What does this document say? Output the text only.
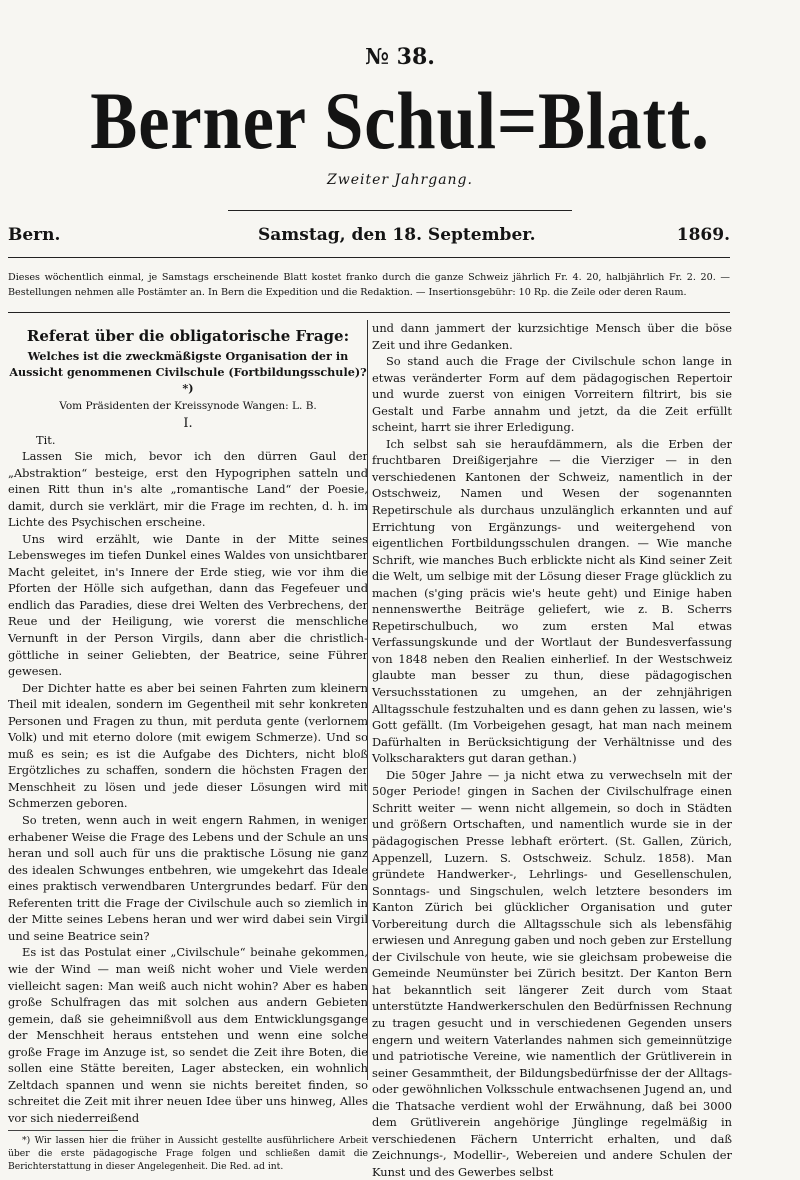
№ 38.
Berner Schul=Blatt.
Zweiter Jahrgang.
Bern.	Samstag, den 18. September.	1869.
Dieses wöchentlich einmal, je Samstags erscheinende Blatt kostet franko durch die ganze Schweiz jährlich Fr. 4. 20, halbjährlich Fr. 2. 20. — Bestellungen nehmen alle Postämter an. In Bern die Expedition und die Redaktion. — Insertionsgebühr: 10 Rp. die Zeile oder deren Raum.
Referat über die obligatorische Frage:
Welches ist die zweckmäßigste Organisation der in Aussicht genommenen Civilschule (Fortbildungsschule)?*)
Vom Präsidenten der Kreissynode Wangen: L. B.
I.
Tit.

Lassen Sie mich, bevor ich den dürren Gaul der „Abstraktion“ besteige, erst den Hypogriphen satteln und einen Ritt thun in's alte „romantische Land“ der Poesie, damit, durch sie verklärt, mir die Frage im rechten, d. h. im Lichte des Psychischen erscheine.

Uns wird erzählt, wie Dante in der Mitte seines Lebensweges im tiefen Dunkel eines Waldes von unsichtbarer Macht geleitet, in's Innere der Erde stieg, wie vor ihm die Pforten der Hölle sich aufgethan, dann das Fegefeuer und endlich das Paradies, diese drei Welten des Verbrechens, der Reue und der Heiligung, wie vorerst die menschliche Vernunft in der Person Virgils, dann aber die christlich-göttliche in seiner Geliebten, der Beatrice, seine Führer gewesen.

Der Dichter hatte es aber bei seinen Fahrten zum kleinern Theil mit idealen, sondern im Gegentheil mit sehr konkreten Personen und Fragen zu thun, mit perduta gente (verlornem Volk) und mit eterno dolore (mit ewigem Schmerze). Und so muß es sein; es ist die Aufgabe des Dichters, nicht bloß Ergötzliches zu schaffen, sondern die höchsten Fragen der Menschheit zu lösen und jede dieser Lösungen wird mit Schmerzen geboren.

So treten, wenn auch in weit engern Rahmen, in weniger erhabener Weise die Frage des Lebens und der Schule an uns heran und soll auch für uns die praktische Lösung nie ganz des idealen Schwunges entbehren, wie umgekehrt das Ideale eines praktisch verwendbaren Untergrundes bedarf. Für den Referenten tritt die Frage der Civilschule auch so ziemlich in der Mitte seines Lebens heran und wer wird dabei sein Virgil und seine Beatrice sein?

Es ist das Postulat einer „Civilschule“ beinahe gekommen, wie der Wind — man weiß nicht woher und Viele werden vielleicht sagen: Man weiß auch nicht wohin? Aber es haben große Schulfragen das mit solchen aus andern Gebieten gemein, daß sie geheimnißvoll aus dem Entwicklungsgange der Menschheit heraus entstehen und wenn eine solche große Frage im Anzuge ist, so sendet die Zeit ihre Boten, die sollen eine Stätte bereiten, Lager abstecken, ein wohnlich Zeltdach spannen und wenn sie nichts bereitet finden, so schreitet die Zeit mit ihrer neuen Idee über uns hinweg, Alles vor sich niederreißend

*) Wir lassen hier die früher in Aussicht gestellte ausführlichere Arbeit über die erste pädagogische Frage folgen und schließen damit die Berichterstattung in dieser Angelegenheit. Die Red. ad int.

und dann jammert der kurzsichtige Mensch über die böse Zeit und ihre Gedanken.

So stand auch die Frage der Civilschule schon lange in etwas veränderter Form auf dem pädagogischen Repertoir und wurde zuerst von einigen Vorreitern filtrirt, bis sie Gestalt und Farbe annahm und jetzt, da die Zeit erfüllt scheint, harrt sie ihrer Erledigung.

Ich selbst sah sie heraufdämmern, als die Erben der fruchtbaren Dreißigerjahre — die Vierziger — in den verschiedenen Kantonen der Schweiz, namentlich in der Ostschweiz, Namen und Wesen der sogenannten Repetirschule als durchaus unzulänglich erkannten und auf Errichtung von Ergänzungs- und weitergehend von eigentlichen Fortbildungsschulen drangen. — Wie manche Schrift, wie manches Buch erblickte nicht als Kind seiner Zeit die Welt, um selbige mit der Lösung dieser Frage glücklich zu machen (s'ging präcis wie's heute geht) und Einige haben nennenswerthe Beiträge geliefert, wie z. B. Scherrs Repetirschulbuch, wo zum ersten Mal etwas Verfassungskunde und der Wortlaut der Bundesverfassung von 1848 neben den Realien einherlief. In der Westschweiz glaubte man besser zu thun, diese pädagogischen Versuchsstationen zu umgehen, an der zehnjährigen Alltagsschule festzuhalten und es dann gehen zu lassen, wie's Gott gefällt. (Im Vorbeigehen gesagt, hat man nach meinem Dafürhalten in Berücksichtigung der Verhältnisse und des Volkscharakters gut daran gethan.)

Die 50ger Jahre — ja nicht etwa zu verwechseln mit der 50ger Periode! gingen in Sachen der Civilschulfrage einen Schritt weiter — wenn nicht allgemein, so doch in Städten und größern Ortschaften, und namentlich wurde sie in der pädagogischen Presse lebhaft erörtert. (St. Gallen, Zürich, Appenzell, Luzern. S. Ostschweiz. Schulz. 1858). Man gründete Handwerker-, Lehrlings- und Gesellenschulen, Sonntags- und Singschulen, welch letztere besonders im Kanton Zürich bei glücklicher Organisation und guter Vorbereitung durch die Alltagsschule sich als lebensfähig erwiesen und Anregung gaben und noch geben zur Erstellung der Civilschule von heute, wie sie gleichsam probeweise die Gemeinde Neumünster bei Zürich besitzt. Der Kanton Bern hat bekanntlich seit längerer Zeit durch vom Staat unterstützte Handwerkerschulen den Bedürfnissen Rechnung zu tragen gesucht und in verschiedenen Gegenden unsers engern und weitern Vaterlandes nahmen sich gemeinnützige und patriotische Vereine, wie namentlich der Grütliverein in seiner Gesammtheit, der Bildungsbedürfnisse der der Alltags- oder gewöhnlichen Volksschule entwachsenen Jugend an, und die Thatsache verdient wohl der Erwähnung, daß bei 3000 dem Grütliverein angehörige Jünglinge regelmäßig in verschiedenen Fächern Unterricht erhalten, und daß Zeichnungs-, Modellir-, Webereien und andere Schulen der Kunst und des Gewerbes selbst
